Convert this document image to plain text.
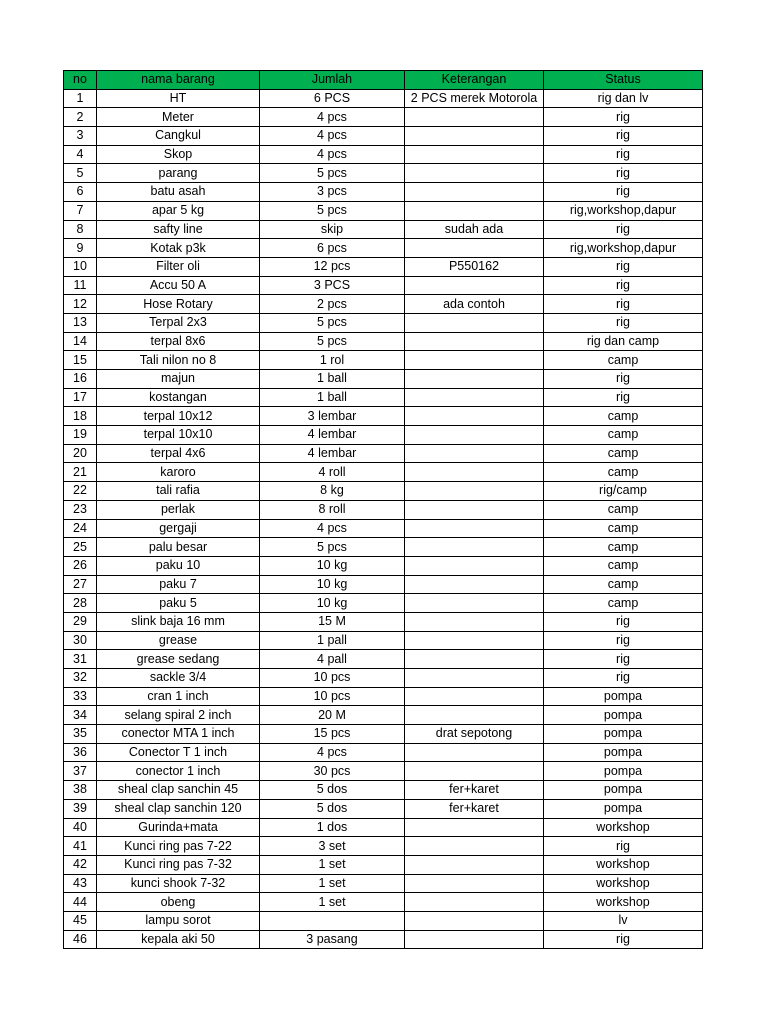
no	nama barang	Jumlah	Keterangan	Status
1	HT	6 PCS	2 PCS merek Motorola	rig dan lv
2	Meter	4 pcs		rig
3	Cangkul	4 pcs		rig
4	Skop	4 pcs		rig
5	parang	5 pcs		rig
6	batu asah	3 pcs		rig
7	apar 5 kg	5 pcs		rig,workshop,dapur
8	safty line	skip	sudah ada	rig
9	Kotak p3k	6 pcs		rig,workshop,dapur
10	Filter oli	12 pcs	P550162	rig
11	Accu 50 A	3 PCS		rig
12	Hose Rotary	2 pcs	ada contoh	rig
13	Terpal 2x3	5 pcs		rig
14	terpal 8x6	5 pcs		rig dan camp
15	Tali nilon no 8	1 rol		camp
16	majun	1 ball		rig
17	kostangan	1 ball		rig
18	terpal 10x12	3 lembar		camp
19	terpal 10x10	4 lembar		camp
20	terpal 4x6	4 lembar		camp
21	karoro	4 roll		camp
22	tali rafia	8 kg		rig/camp
23	perlak	8 roll		camp
24	gergaji	4 pcs		camp
25	palu besar	5 pcs		camp
26	paku 10	10 kg		camp
27	paku 7	10 kg		camp
28	paku 5	10 kg		camp
29	slink baja 16 mm	15 M		rig
30	grease	1 pall		rig
31	grease sedang	4 pall		rig
32	sackle 3/4	10 pcs		rig
33	cran 1 inch	10 pcs		pompa
34	selang spiral 2 inch	20 M		pompa
35	conector MTA 1 inch	15 pcs	drat sepotong	pompa
36	Conector T 1 inch	4 pcs		pompa
37	conector 1 inch	30 pcs		pompa
38	sheal clap sanchin 45	5 dos	fer+karet	pompa
39	sheal clap sanchin 120	5 dos	fer+karet	pompa
40	Gurinda+mata	1 dos		workshop
41	Kunci ring pas 7-22	3 set		rig
42	Kunci ring pas 7-32	1 set		workshop
43	kunci shook 7-32	1 set		workshop
44	obeng	1 set		workshop
45	lampu sorot			lv
46	kepala aki 50	3 pasang		rig
